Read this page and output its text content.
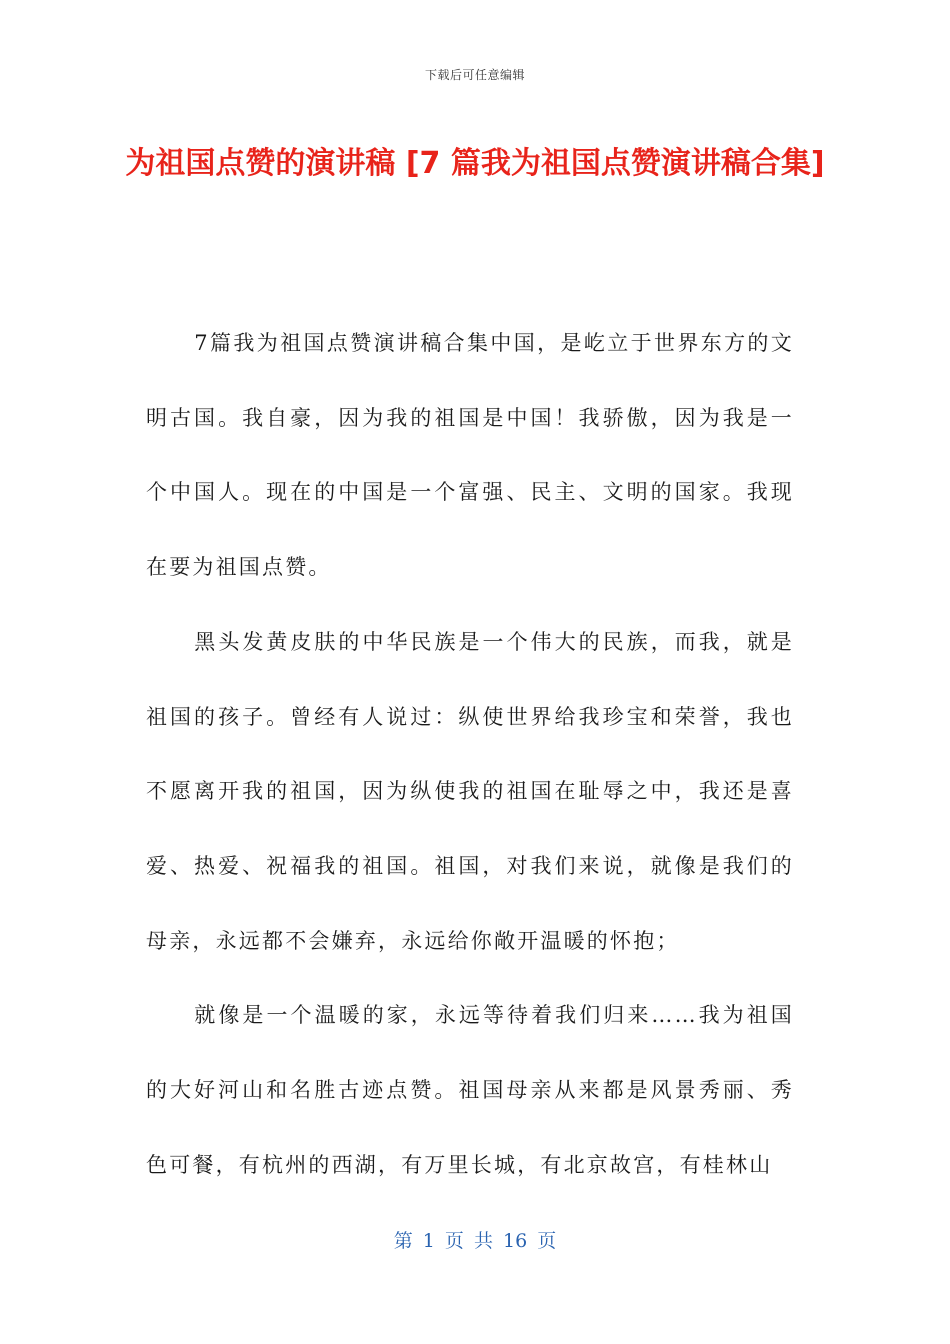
下载后可任意编辑
为祖国点赞的演讲稿 [7 篇我为祖国点赞演讲稿合集]

7篇我为祖国点赞演讲稿合集中国，是屹立于世界东方的文明古国。我自豪，因为我的祖国是中国！我骄傲，因为我是一个中国人。现在的中国是一个富强、民主、文明的国家。我现在要为祖国点赞。

黑头发黄皮肤的中华民族是一个伟大的民族，而我，就是祖国的孩子。曾经有人说过：纵使世界给我珍宝和荣誉，我也不愿离开我的祖国，因为纵使我的祖国在耻辱之中，我还是喜爱、热爱、祝福我的祖国。祖国，对我们来说，就像是我们的母亲，永远都不会嫌弃，永远给你敞开温暖的怀抱；

就像是一个温暖的家，永远等待着我们归来……我为祖国的大好河山和名胜古迹点赞。祖国母亲从来都是风景秀丽、秀色可餐，有杭州的西湖，有万里长城，有北京故宫，有桂林山

第 1 页 共 16 页
